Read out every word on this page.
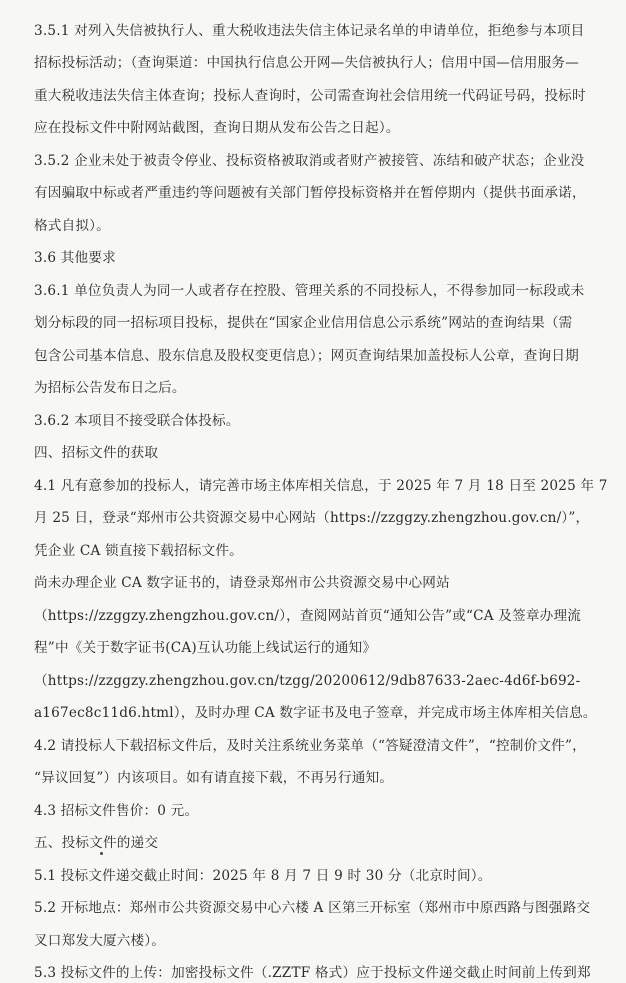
3.5.1 对列入失信被执行人、重大税收违法失信主体记录名单的申请单位，拒绝参与本项目
招标投标活动；（查询渠道：中国执行信息公开网—失信被执行人；信用中国—信用服务—
重大税收违法失信主体查询；投标人查询时，公司需查询社会信用统一代码证号码，投标时
应在投标文件中附网站截图，查询日期从发布公告之日起）。
3.5.2 企业未处于被责令停业、投标资格被取消或者财产被接管、冻结和破产状态；企业没
有因骗取中标或者严重违约等问题被有关部门暂停投标资格并在暂停期内（提供书面承诺，
格式自拟）。
3.6 其他要求
3.6.1 单位负责人为同一人或者存在控股、管理关系的不同投标人，不得参加同一标段或未
划分标段的同一招标项目投标，提供在“国家企业信用信息公示系统”网站的查询结果（需
包含公司基本信息、股东信息及股权变更信息）；网页查询结果加盖投标人公章，查询日期
为招标公告发布日之后。
3.6.2 本项目不接受联合体投标。
四、招标文件的获取
4.1 凡有意参加的投标人，请完善市场主体库相关信息，于 2025 年 7 月 18 日至 2025 年 7
月 25 日，登录“郑州市公共资源交易中心网站（https://zzggzy.zhengzhou.gov.cn/）”，
凭企业 CA 锁直接下载招标文件。
尚未办理企业 CA 数字证书的，请登录郑州市公共资源交易中心网站
（https://zzggzy.zhengzhou.gov.cn/），查阅网站首页“通知公告”或“CA 及签章办理流
程”中《关于数字证书(CA)互认功能上线试运行的通知》
（https://zzggzy.zhengzhou.gov.cn/tzgg/20200612/9db87633-2aec-4d6f-b692-
a167ec8c11d6.html），及时办理 CA 数字证书及电子签章，并完成市场主体库相关信息。
4.2 请投标人下载招标文件后，及时关注系统业务菜单（“答疑澄清文件”，“控制价文件”，
“异议回复”）内该项目。如有请直接下载，不再另行通知。
4.3 招标文件售价：0 元。
五、投标文件的递交
5.1 投标文件递交截止时间：2025 年 8 月 7 日 9 时 30 分（北京时间）。
5.2 开标地点：郑州市公共资源交易中心六楼 A 区第三开标室（郑州市中原西路与图强路交
叉口郑发大厦六楼）。
5.3 投标文件的上传：加密投标文件（.ZZTF 格式）应于投标文件递交截止时间前上传到郑
